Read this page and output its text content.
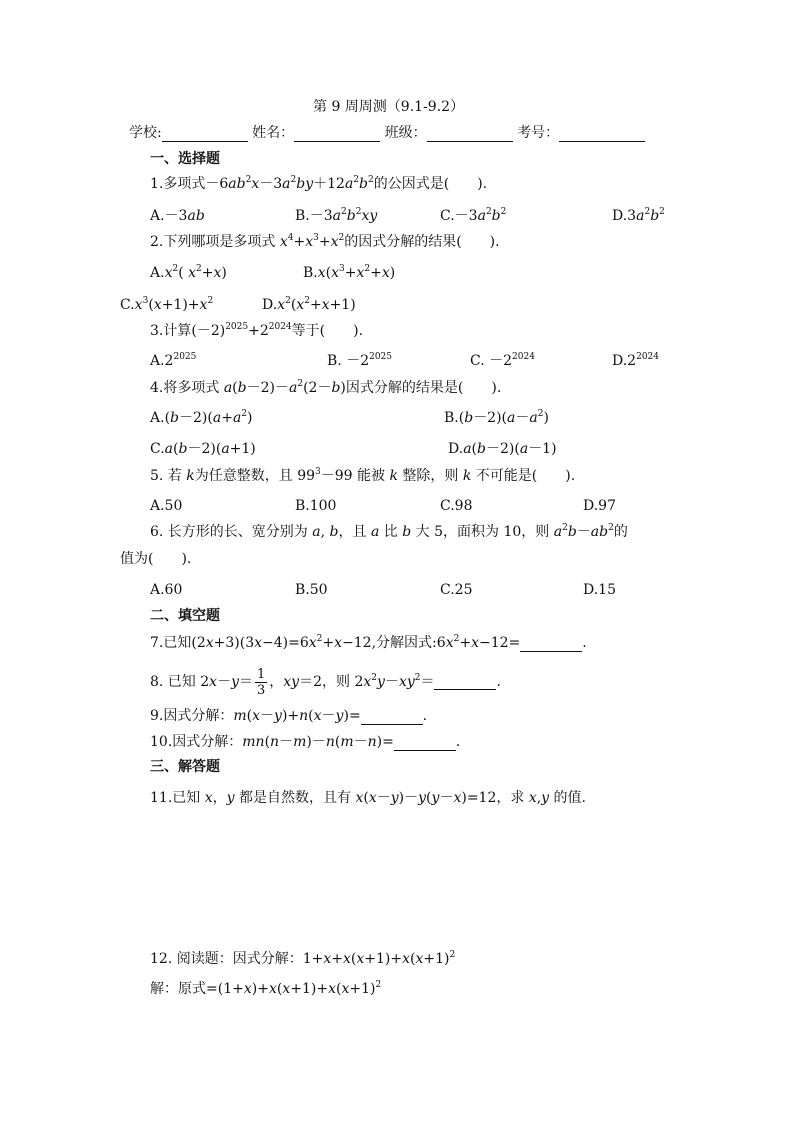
第 9 周周测（9.1-9.2）
学校:	姓名：	班级：	考号：
一、选择题
1.多项式$-6ab^2x-3a^2by+12a^2b^2$的公因式是(　　).
A.－3ab	$B.-3a^2b^2xy$	$C.-3a^2b^2$	$D.3a^2b^2$
2.下列哪项是多项式 $x^4+x^3+x^2$的因式分解的结果(　　).
$A.x^2$( $x^2+x$)	$B.x(x^3+x^2+x)$
$C.x^3(x+1)+x^2$	$D.x^2(x^2+x+1)$
3.计算$(-2)^{2025}+2^{2024}$等于(　　).
$A.2^{2025}$	B. $-2^{2025}$	C. $-2^{2024}$	$D.2^{2024}$
4.将多项式 $a(b-2)-a^2(2-b)$因式分解的结果是(　　).
$A.(b-2)(a+a^2)$	$B.(b-2)(a-a^2)$
C.a(b－2)(a+1)	D.a(b－2)(a－1)
5. 若 k为任意整数，且 $99^3-99$ 能被 k 整除，则 k 不可能是(　　).
A.50	B.100	C.98	D.97
6. 长方形的长、宽分别为 a, b，且 a 比 b 大 5，面积为 10，则 $a^2b-ab^2$的
值为(　　).
A.60	B.50	C.25	D.15
二、填空题
7.已知$(2x+3)(3x-4)=6x^2+x-12$,分解因式$:6x^2+x-12=$	.
8. 已知 $2x-y= \frac{1}{3}$ ，xy＝2，则 $2x^2y-xy^2=$	.
9.因式分解：m(x－y)+n(x－y)=	.
10.因式分解：mn(n－m)－n(m－n)=	.
三、解答题
11.已知 x，y 都是自然数，且有 x(x－y)－y(y－x)=12，求 x,y 的值.
12. 阅读题：因式分解：$1+x+x(x+1)+x(x+1)^2$
解：原式$=(1+x)+x(x+1)+x(x+1)^2$
